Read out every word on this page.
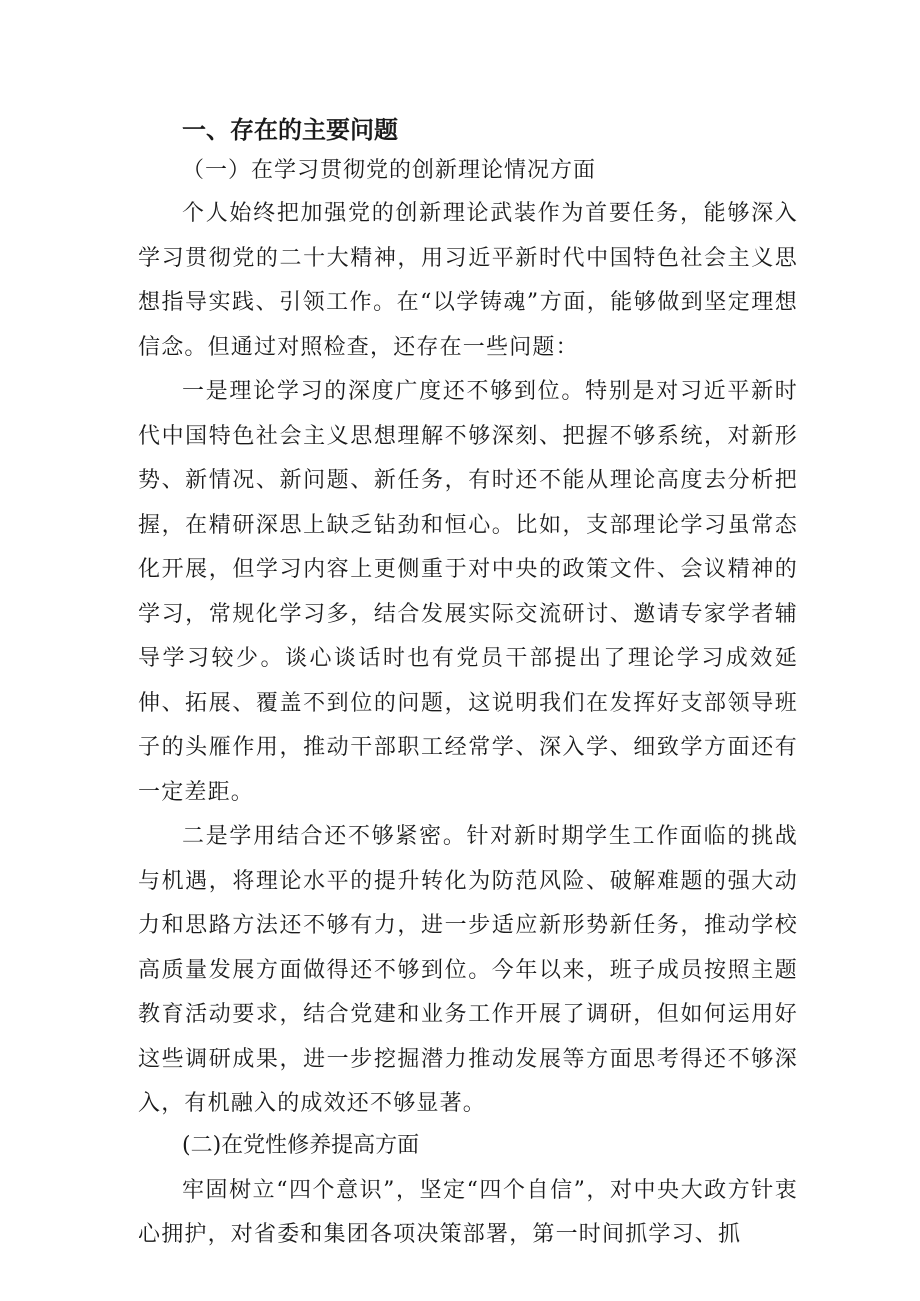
一、存在的主要问题

（一）在学习贯彻党的创新理论情况方面

个人始终把加强党的创新理论武装作为首要任务，能够深入学习贯彻党的二十大精神，用习近平新时代中国特色社会主义思想指导实践、引领工作。在“以学铸魂”方面，能够做到坚定理想信念。但通过对照检查，还存在一些问题：

一是理论学习的深度广度还不够到位。特别是对习近平新时代中国特色社会主义思想理解不够深刻、把握不够系统，对新形势、新情况、新问题、新任务，有时还不能从理论高度去分析把握，在精研深思上缺乏钻劲和恒心。比如，支部理论学习虽常态化开展，但学习内容上更侧重于对中央的政策文件、会议精神的学习，常规化学习多，结合发展实际交流研讨、邀请专家学者辅导学习较少。谈心谈话时也有党员干部提出了理论学习成效延伸、拓展、覆盖不到位的问题，这说明我们在发挥好支部领导班子的头雁作用，推动干部职工经常学、深入学、细致学方面还有一定差距。

二是学用结合还不够紧密。针对新时期学生工作面临的挑战与机遇，将理论水平的提升转化为防范风险、破解难题的强大动力和思路方法还不够有力，进一步适应新形势新任务，推动学校高质量发展方面做得还不够到位。今年以来，班子成员按照主题教育活动要求，结合党建和业务工作开展了调研，但如何运用好这些调研成果，进一步挖掘潜力推动发展等方面思考得还不够深入，有机融入的成效还不够显著。

(二)在党性修养提高方面

牢固树立“四个意识”，坚定“四个自信”，对中央大政方针衷心拥护，对省委和集团各项决策部署，第一时间抓学习、抓
